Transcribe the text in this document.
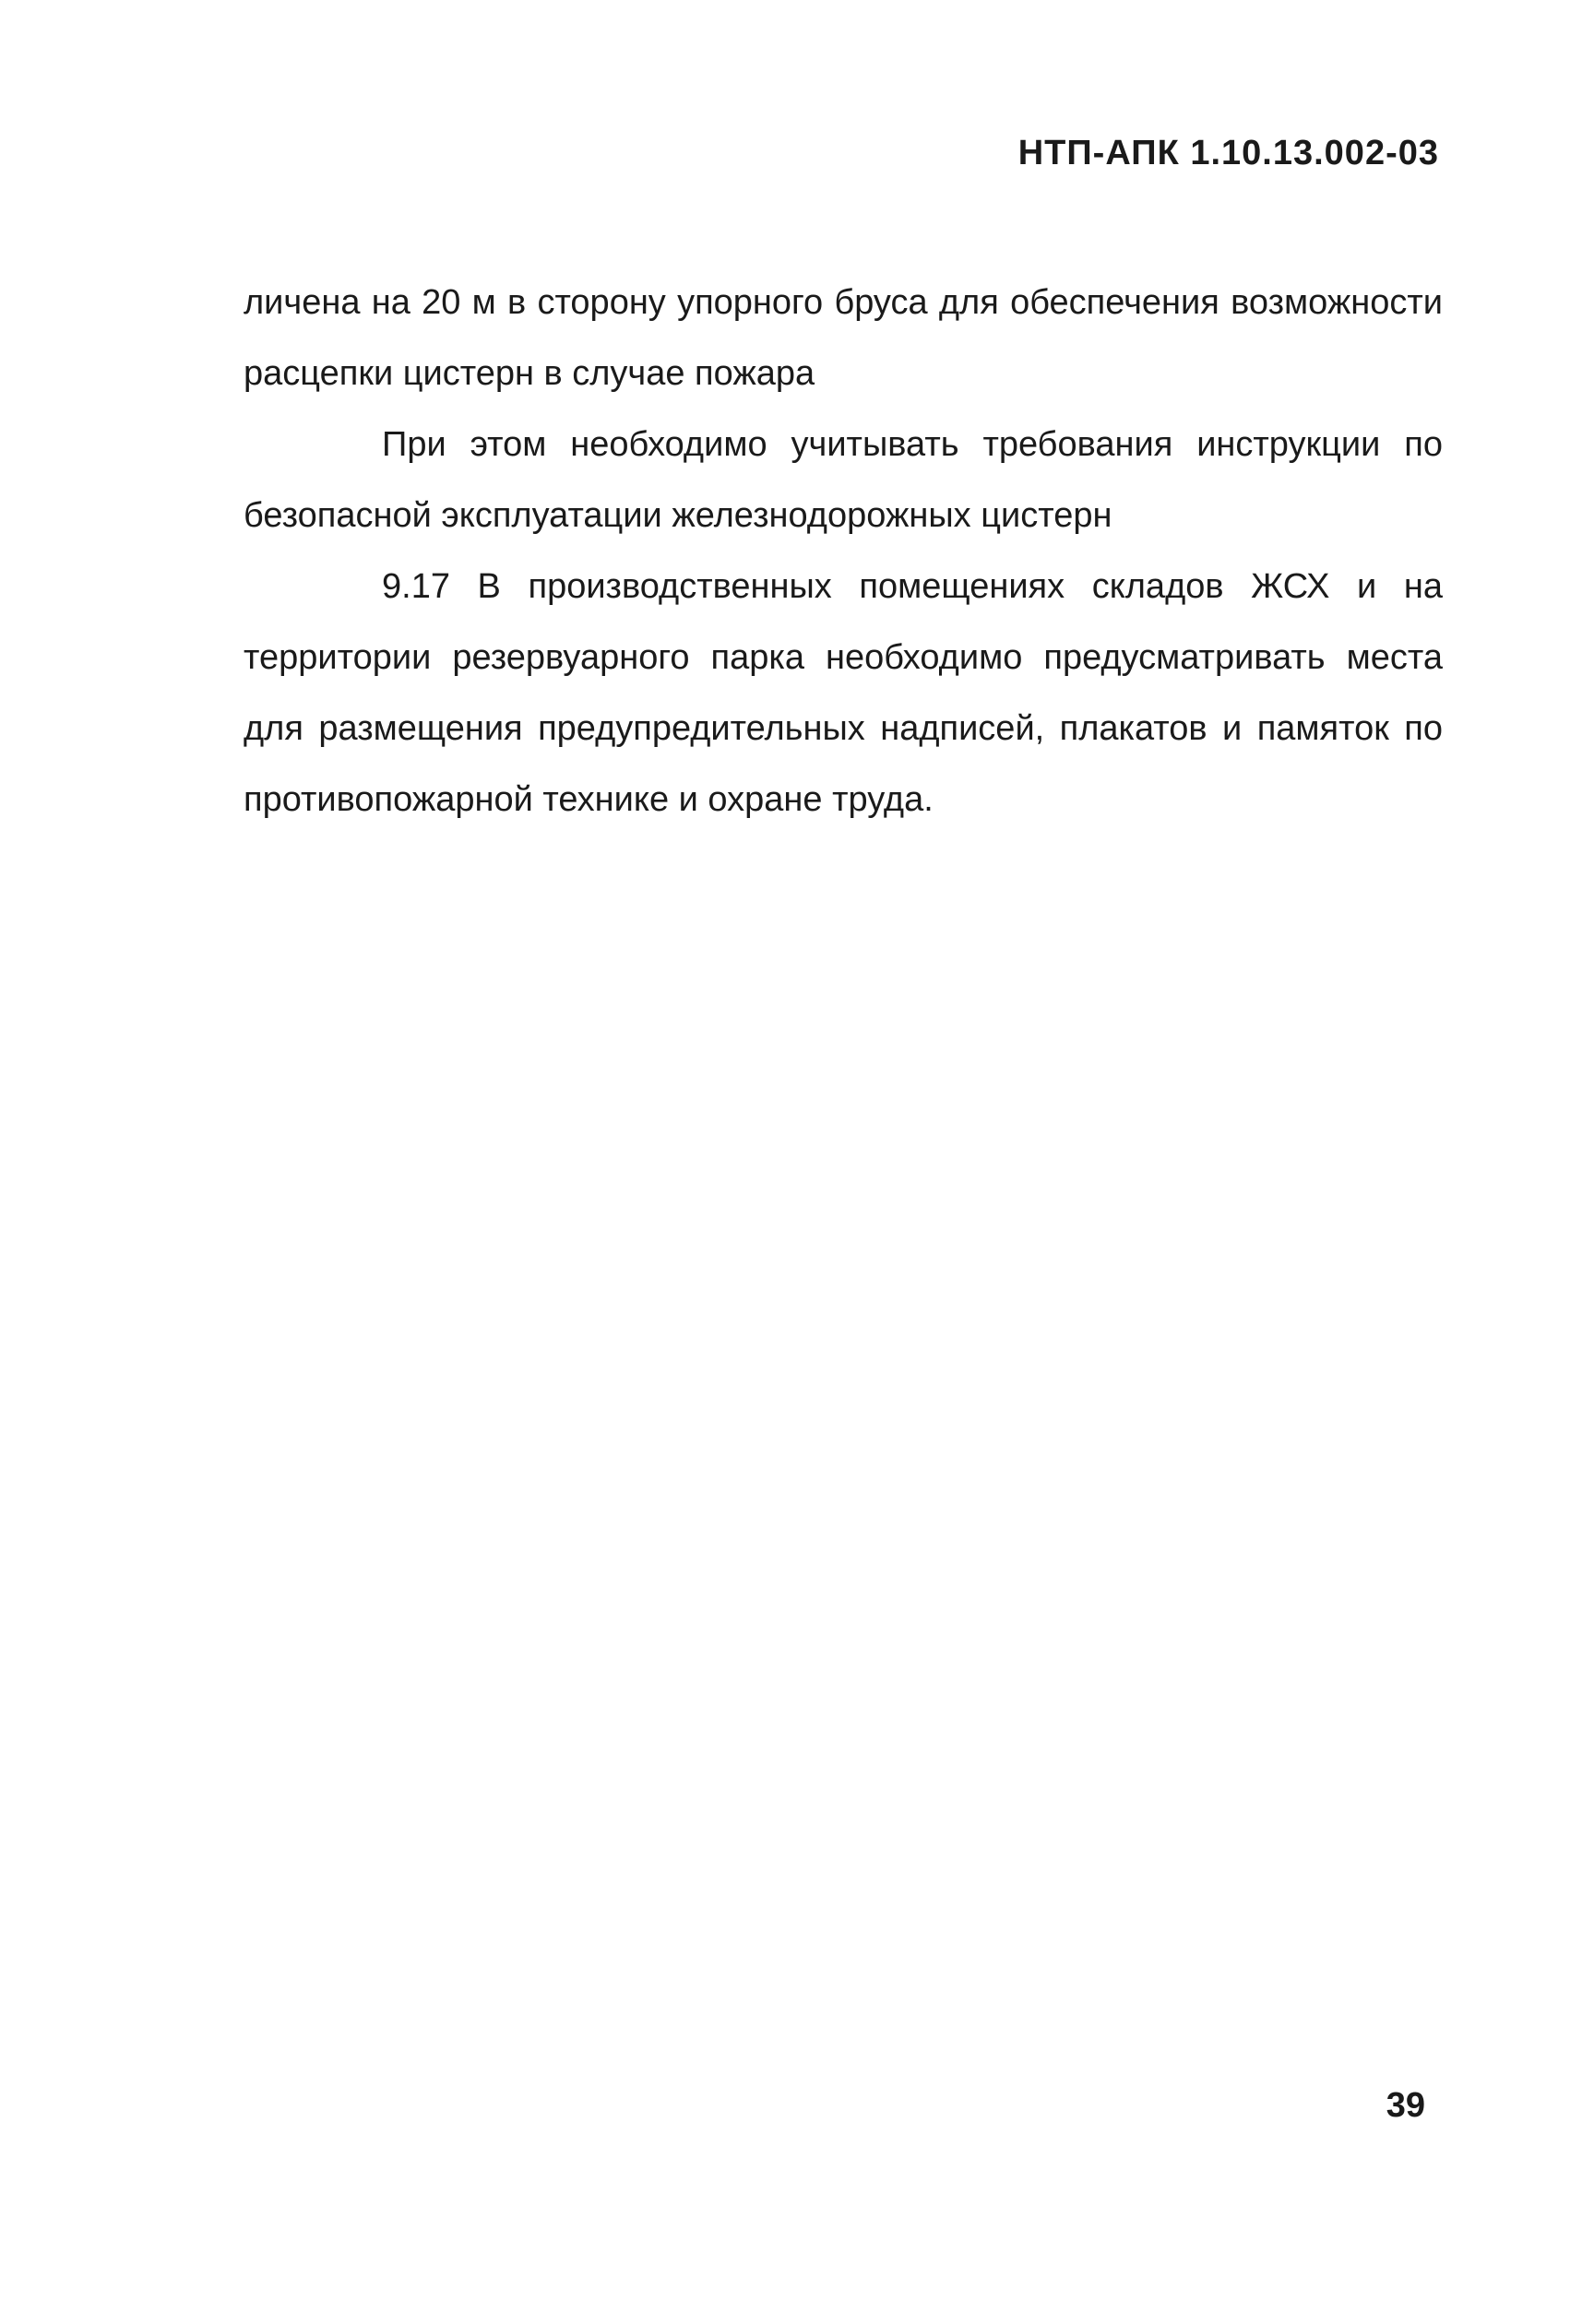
НТП-АПК 1.10.13.002-03

личена на 20 м в сторону упорного бруса для обеспечения возможности расцепки цистерн в случае пожара

При этом необходимо учитывать требования инструкции по безопасной эксплуатации железнодорожных цистерн

9.17 В производственных помещениях складов ЖСХ и на территории резервуарного парка необходимо предусматривать места для размещения предупредительных надписей, плакатов и памяток по противопожарной технике и охране труда.

39
